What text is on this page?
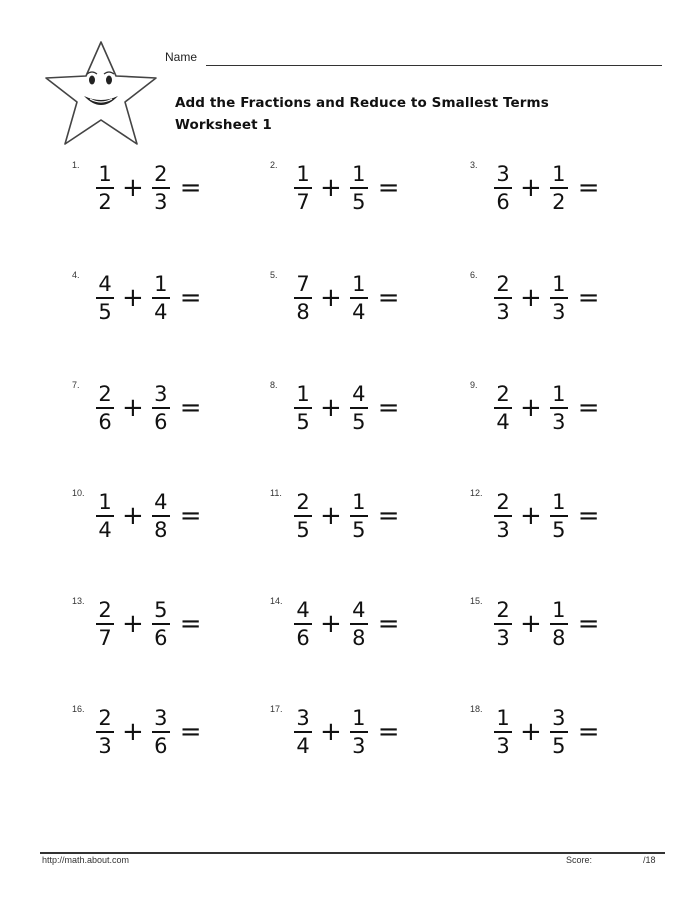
Name
Add the Fractions and Reduce to Smallest Terms
Worksheet 1
1. $\frac{1}{2} + \frac{2}{3}$ =
2. $\frac{1}{7} + \frac{1}{5}$ =
3. $\frac{3}{6} + \frac{1}{2}$ =
4. $\frac{4}{5} + \frac{1}{4}$ =
5. $\frac{7}{8} + \frac{1}{4}$ =
6. $\frac{2}{3} + \frac{1}{3}$ =
7. $\frac{2}{6} + \frac{3}{6}$ =
8. $\frac{1}{5} + \frac{4}{5}$ =
9. $\frac{2}{4} + \frac{1}{3}$ =
10. $\frac{1}{4} + \frac{4}{8}$ =
11. $\frac{2}{5} + \frac{1}{5}$ =
12. $\frac{2}{3} + \frac{1}{5}$ =
13. $\frac{2}{7} + \frac{5}{6}$ =
14. $\frac{4}{6} + \frac{4}{8}$ =
15. $\frac{2}{3} + \frac{1}{8}$ =
16. $\frac{2}{3} + \frac{3}{6}$ =
17. $\frac{3}{4} + \frac{1}{3}$ =
18. $\frac{1}{3} + \frac{3}{5}$ =
http://math.about.com	Score:	/18
